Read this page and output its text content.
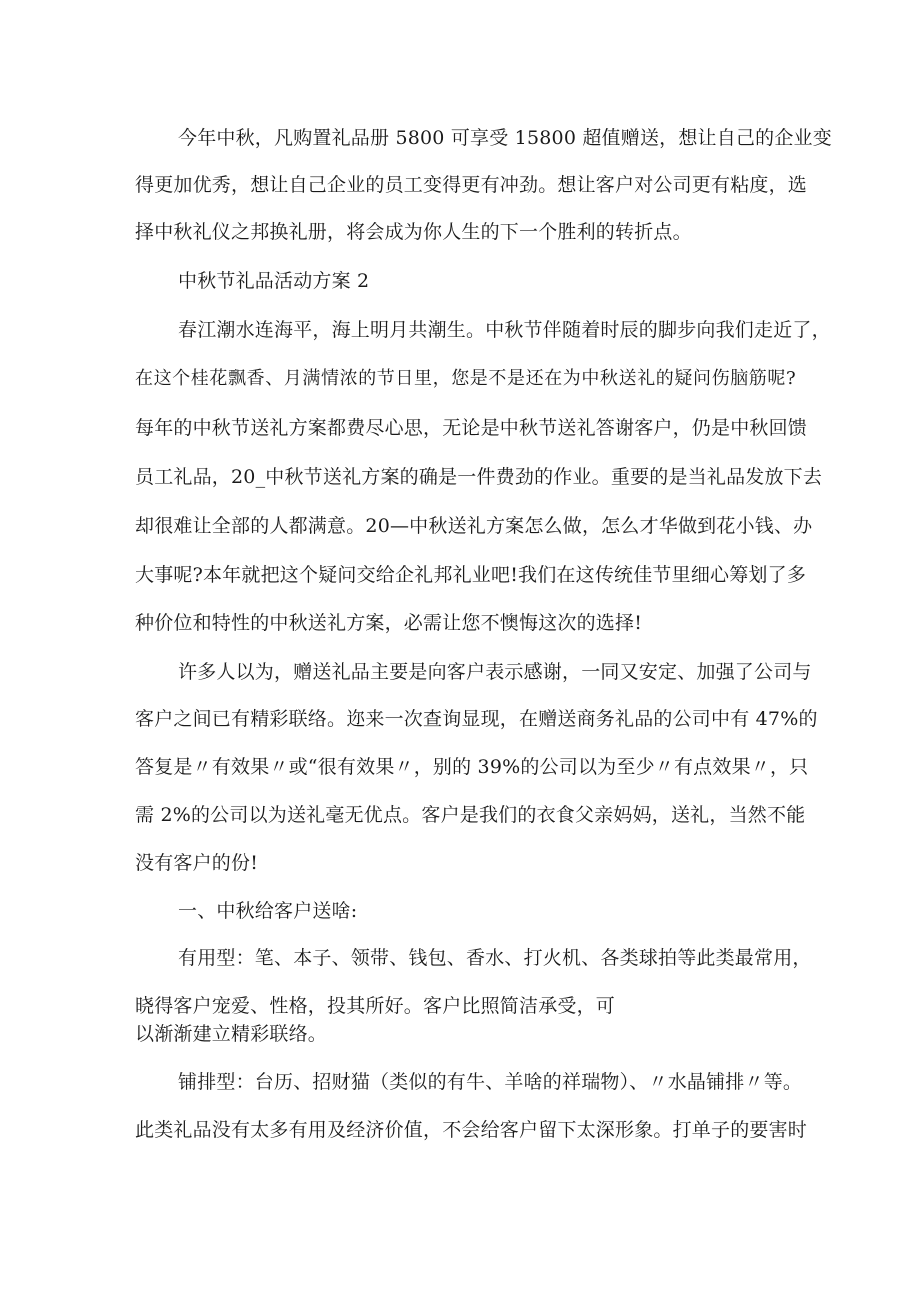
今年中秋，凡购置礼品册 5800 可享受 15800 超值赠送，想让自己的企业变
得更加优秀，想让自己企业的员工变得更有冲劲。想让客户对公司更有粘度，选
择中秋礼仪之邦换礼册，将会成为你人生的下一个胜利的转折点。
中秋节礼品活动方案 2
春江潮水连海平，海上明月共潮生。中秋节伴随着时辰的脚步向我们走近了，
在这个桂花飘香、月满情浓的节日里，您是不是还在为中秋送礼的疑问伤脑筋呢?
每年的中秋节送礼方案都费尽心思，无论是中秋节送礼答谢客户，仍是中秋回馈
员工礼品，20_中秋节送礼方案的确是一件费劲的作业。重要的是当礼品发放下去
却很难让全部的人都满意。20—中秋送礼方案怎么做，怎么才华做到花小钱、办
大事呢?本年就把这个疑问交给企礼邦礼业吧!我们在这传统佳节里细心筹划了多
种价位和特性的中秋送礼方案，必需让您不懊悔这次的选择!
许多人以为，赠送礼品主要是向客户表示感谢，一同又安定、加强了公司与
客户之间已有精彩联络。迩来一次查询显现，在赠送商务礼品的公司中有 47%的
答复是〃有效果〃或“很有效果〃，别的 39%的公司以为至少〃有点效果〃，只
需 2%的公司以为送礼毫无优点。客户是我们的衣食父亲妈妈，送礼，当然不能
没有客户的份!
一、中秋给客户送啥:
有用型：笔、本子、领带、钱包、香水、打火机、各类球拍等此类最常用，
晓得客户宠爱、性格，投其所好。客户比照简洁承受，可
以渐渐建立精彩联络。
铺排型：台历、招财猫（类似的有牛、羊啥的祥瑞物）、〃水晶铺排〃等。
此类礼品没有太多有用及经济价值，不会给客户留下太深形象。打单子的要害时
